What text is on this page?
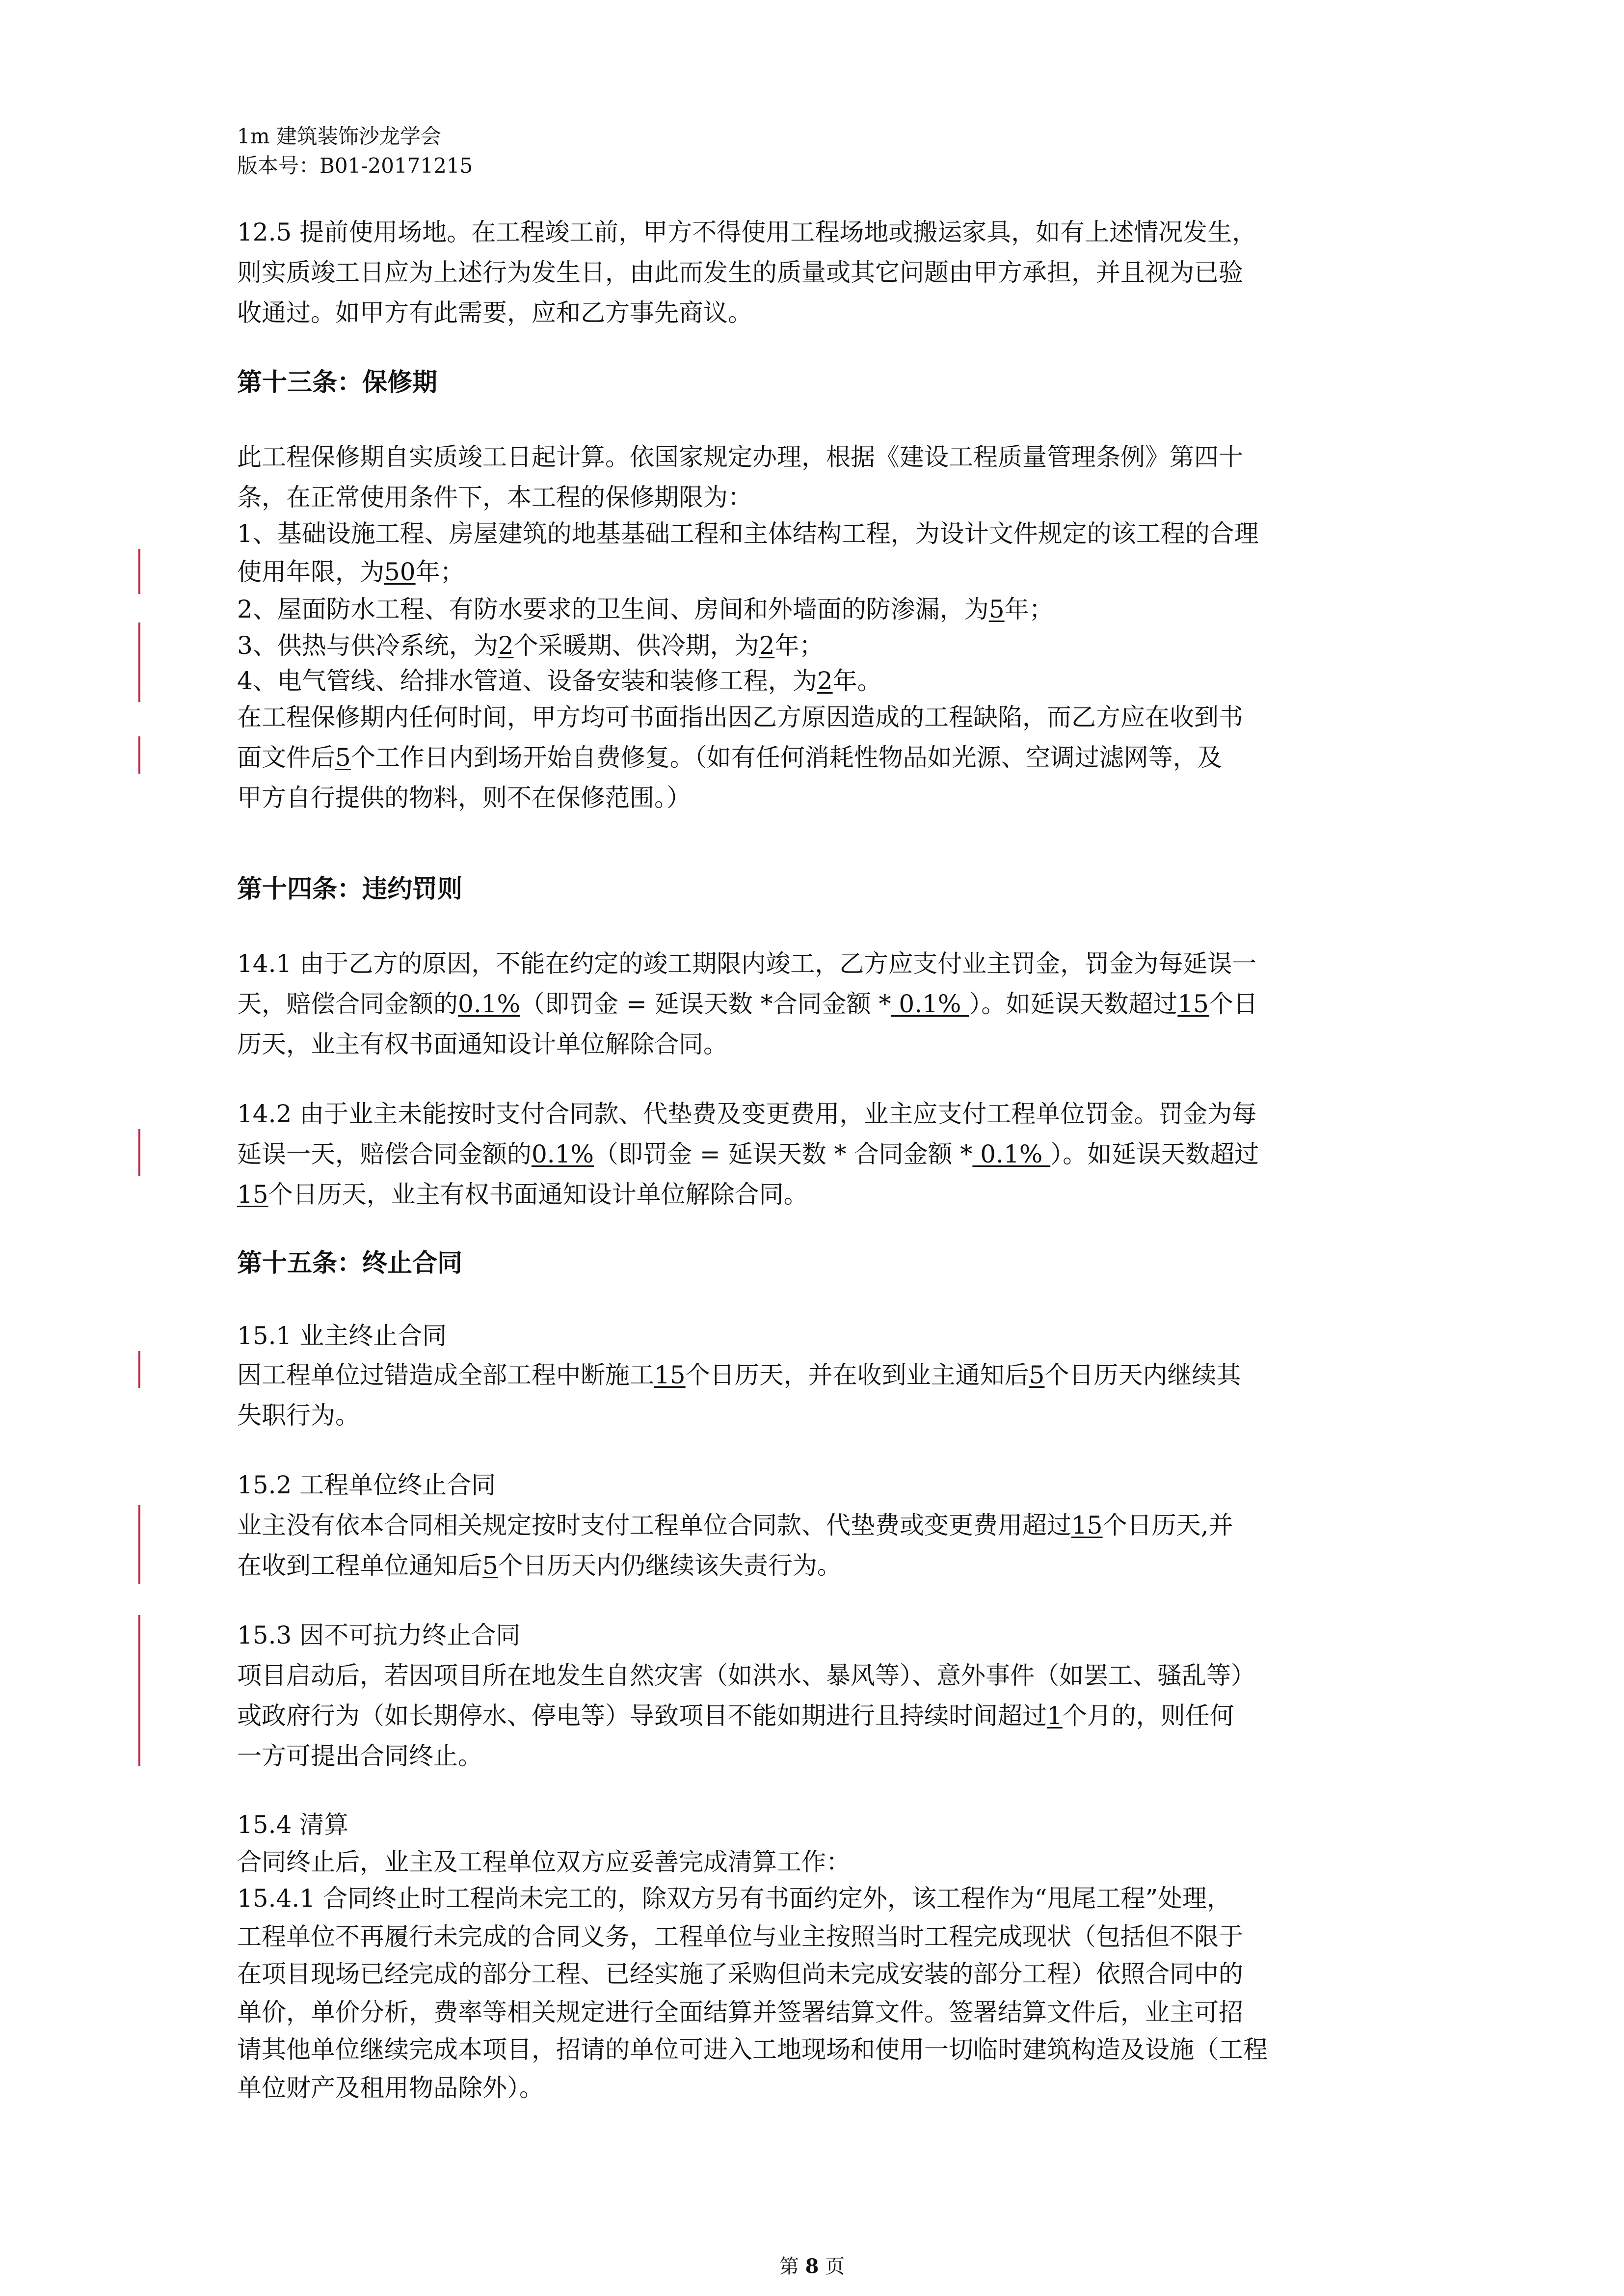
1m 建筑装饰沙龙学会
版本号：B01-20171215
12.5 提前使用场地。在工程竣工前，甲方不得使用工程场地或搬运家具，如有上述情况发生，
则实质竣工日应为上述行为发生日，由此而发生的质量或其它问题由甲方承担，并且视为已验
收通过。如甲方有此需要，应和乙方事先商议。
第十三条：保修期
此工程保修期自实质竣工日起计算。依国家规定办理，根据《建设工程质量管理条例》第四十
条，在正常使用条件下，本工程的保修期限为：
1、基础设施工程、房屋建筑的地基基础工程和主体结构工程，为设计文件规定的该工程的合理
使用年限，为50年；
2、屋面防水工程、有防水要求的卫生间、房间和外墙面的防渗漏，为5年；
3、供热与供冷系统，为2个采暖期、供冷期，为2年；
4、电气管线、给排水管道、设备安装和装修工程，为2年。
在工程保修期内任何时间，甲方均可书面指出因乙方原因造成的工程缺陷，而乙方应在收到书
面文件后5个工作日内到场开始自费修复。（如有任何消耗性物品如光源、空调过滤网等，及
甲方自行提供的物料，则不在保修范围。）
第十四条：违约罚则
14.1 由于乙方的原因，不能在约定的竣工期限内竣工，乙方应支付业主罚金，罚金为每延误一
天，赔偿合同金额的0.1%（即罚金 = 延误天数 *合同金额 * 0.1% ）。如延误天数超过15个日
历天，业主有权书面通知设计单位解除合同。
14.2 由于业主未能按时支付合同款、代垫费及变更费用，业主应支付工程单位罚金。罚金为每
延误一天，赔偿合同金额的0.1%（即罚金 = 延误天数 * 合同金额 * 0.1% ）。如延误天数超过
15个日历天，业主有权书面通知设计单位解除合同。
第十五条：终止合同
15.1 业主终止合同
因工程单位过错造成全部工程中断施工15个日历天，并在收到业主通知后5个日历天内继续其
失职行为。
15.2 工程单位终止合同
业主没有依本合同相关规定按时支付工程单位合同款、代垫费或变更费用超过15个日历天,并
在收到工程单位通知后5个日历天内仍继续该失责行为。
15.3 因不可抗力终止合同
项目启动后，若因项目所在地发生自然灾害（如洪水、暴风等）、意外事件（如罢工、骚乱等）
或政府行为（如长期停水、停电等）导致项目不能如期进行且持续时间超过1个月的，则任何
一方可提出合同终止。
15.4 清算
合同终止后，业主及工程单位双方应妥善完成清算工作：
15.4.1 合同终止时工程尚未完工的，除双方另有书面约定外，该工程作为“甩尾工程”处理，
工程单位不再履行未完成的合同义务，工程单位与业主按照当时工程完成现状（包括但不限于
在项目现场已经完成的部分工程、已经实施了采购但尚未完成安装的部分工程）依照合同中的
单价，单价分析，费率等相关规定进行全面结算并签署结算文件。签署结算文件后，业主可招
请其他单位继续完成本项目，招请的单位可进入工地现场和使用一切临时建筑构造及设施（工程
单位财产及租用物品除外）。
第 8 页
